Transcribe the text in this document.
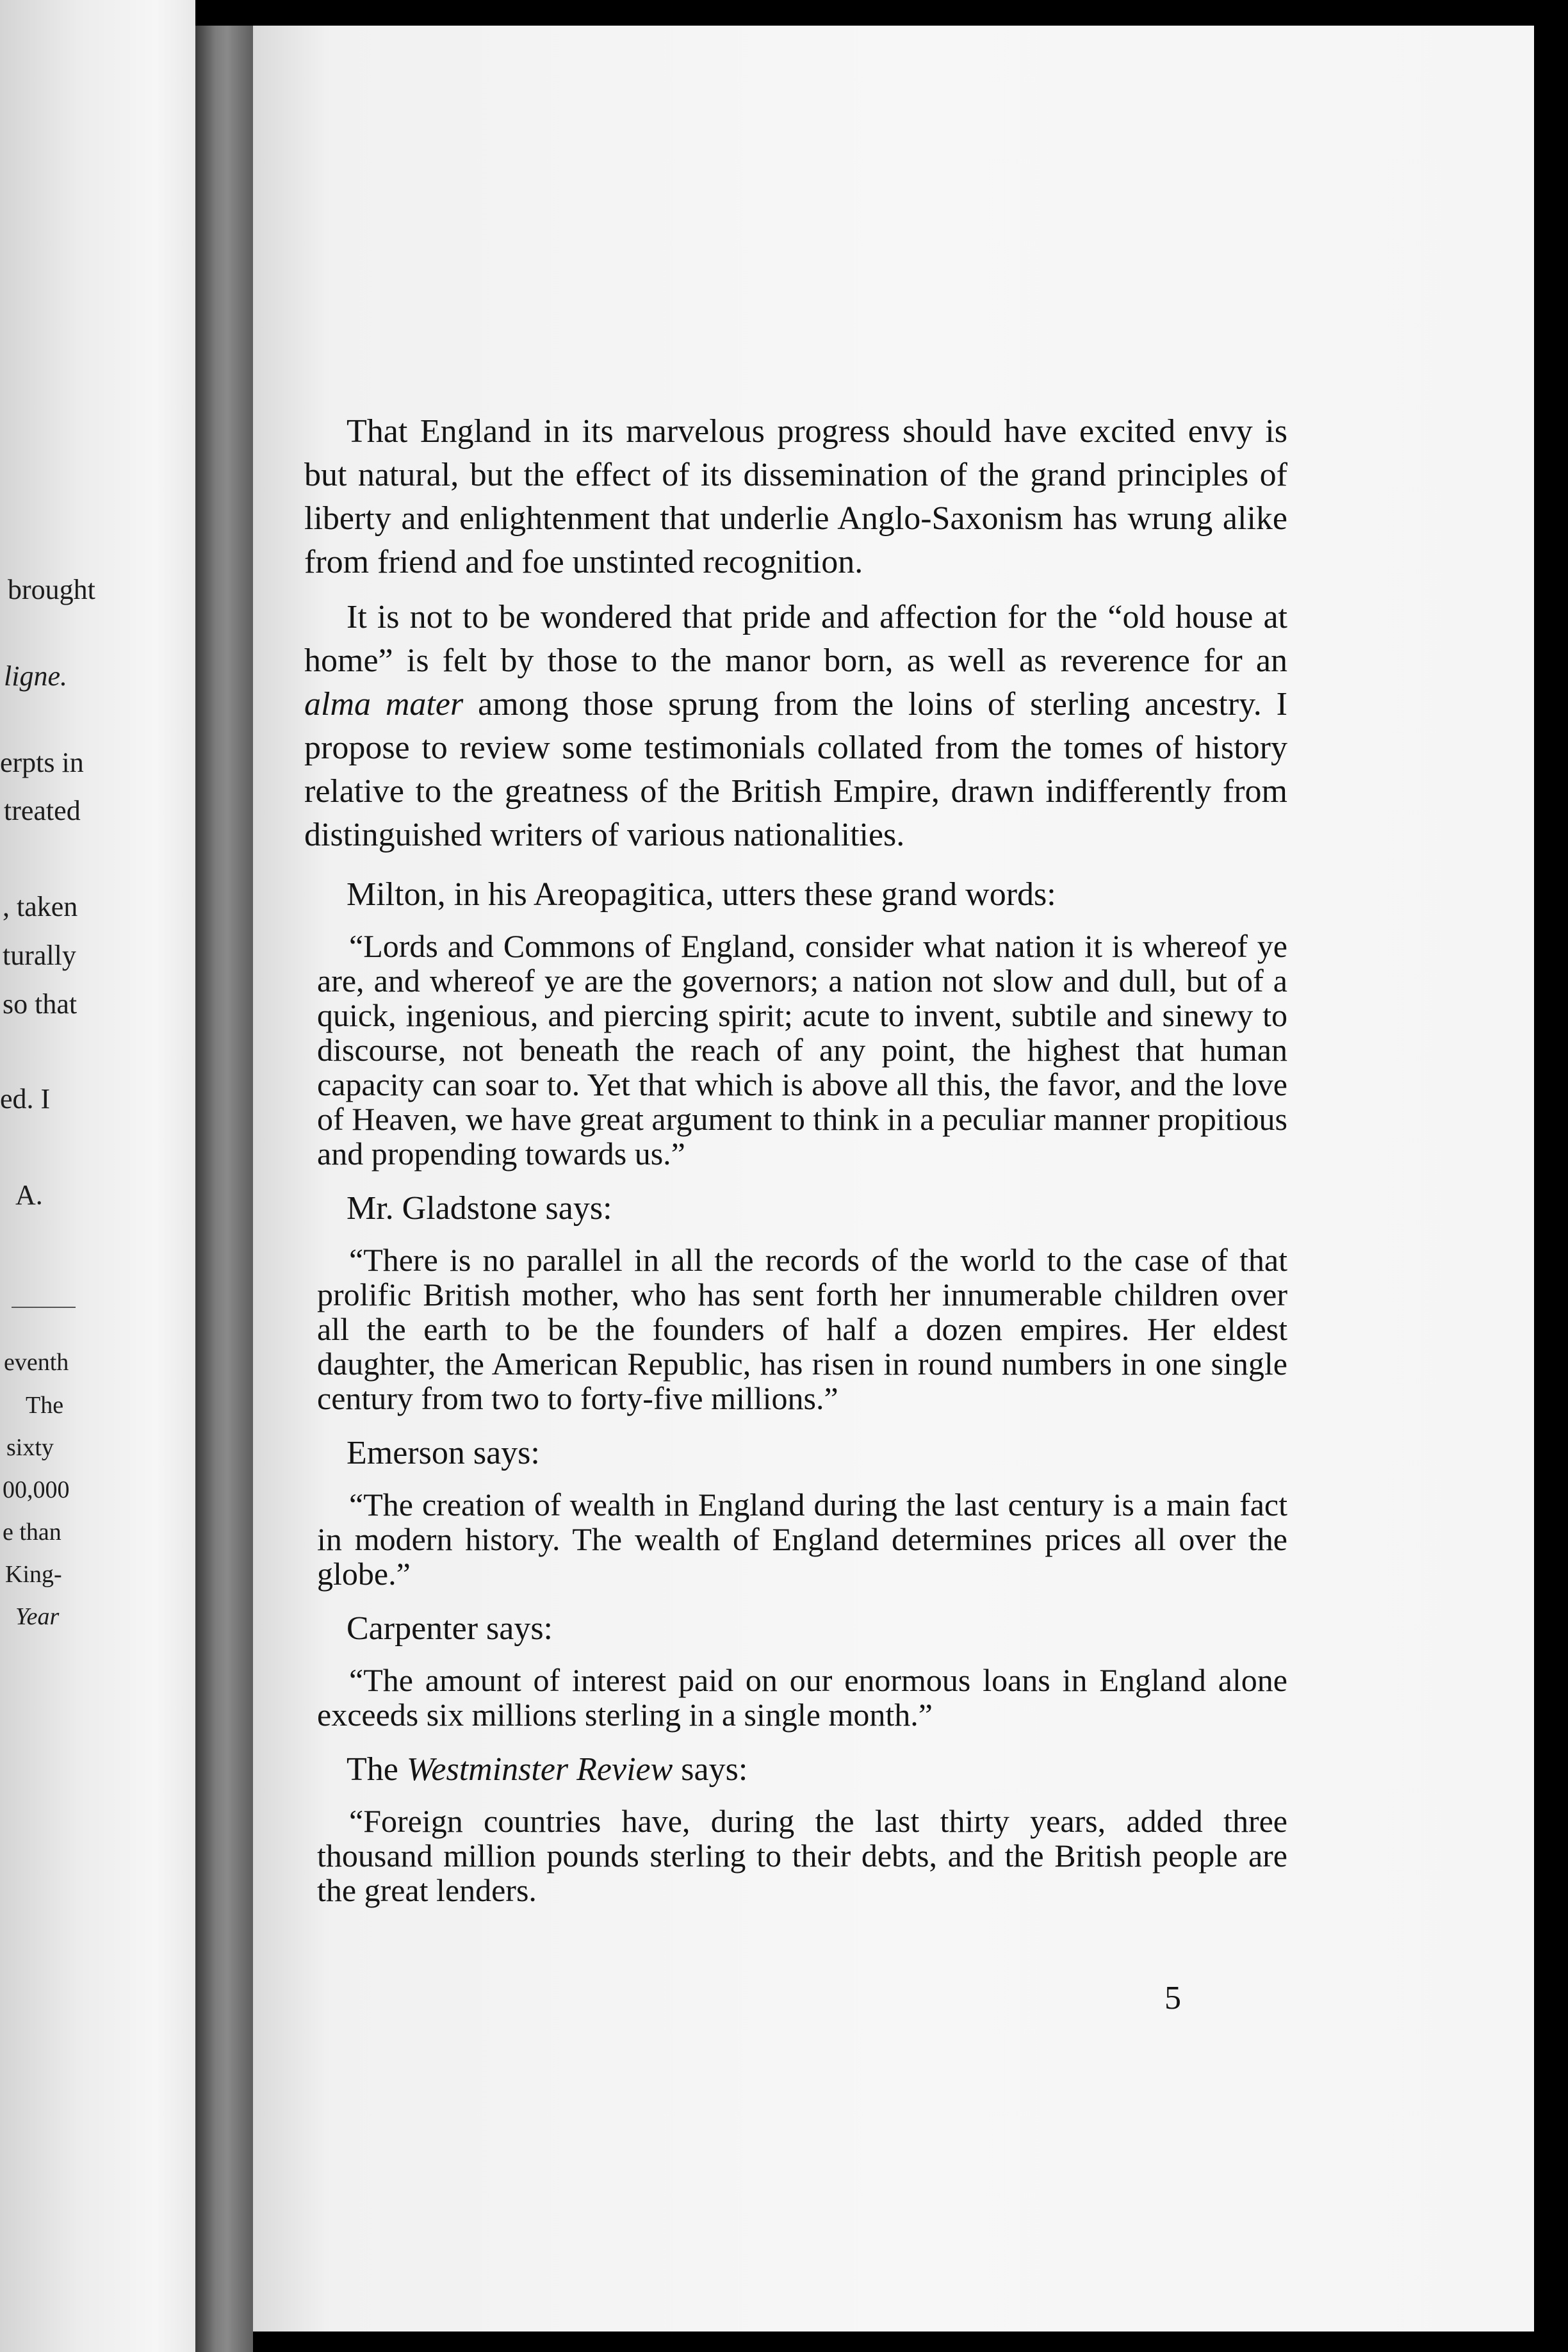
brought
ligne.
erpts in
treated
, taken
turally
so that
ed. I
A.
eventh
The
sixty
00,000
e than
King-
Year

That England in its marvelous progress should have excited envy is but natural, but the effect of its dissemination of the grand principles of liberty and enlightenment that underlie Anglo-Saxonism has wrung alike from friend and foe unstinted recognition.

It is not to be wondered that pride and affection for the “old house at home” is felt by those to the manor born, as well as reverence for an alma mater among those sprung from the loins of sterling ancestry. I propose to review some testimonials collated from the tomes of history relative to the greatness of the British Empire, drawn indifferently from distinguished writers of various nationalities.

Milton, in his Areopagitica, utters these grand words:

“Lords and Commons of England, consider what nation it is whereof ye are, and whereof ye are the governors; a nation not slow and dull, but of a quick, ingenious, and piercing spirit; acute to invent, subtile and sinewy to discourse, not beneath the reach of any point, the highest that human capacity can soar to. Yet that which is above all this, the favor, and the love of Heaven, we have great argument to think in a peculiar manner propitious and propending towards us.”

Mr. Gladstone says:

“There is no parallel in all the records of the world to the case of that prolific British mother, who has sent forth her innumerable children over all the earth to be the founders of half a dozen empires. Her eldest daughter, the American Republic, has risen in round numbers in one single century from two to forty-five millions.”

Emerson says:

“The creation of wealth in England during the last century is a main fact in modern history. The wealth of England determines prices all over the globe.”

Carpenter says:

“The amount of interest paid on our enormous loans in England alone exceeds six millions sterling in a single month.”

The Westminster Review says:

“Foreign countries have, during the last thirty years, added three thousand million pounds sterling to their debts, and the British people are the great lenders.

5
